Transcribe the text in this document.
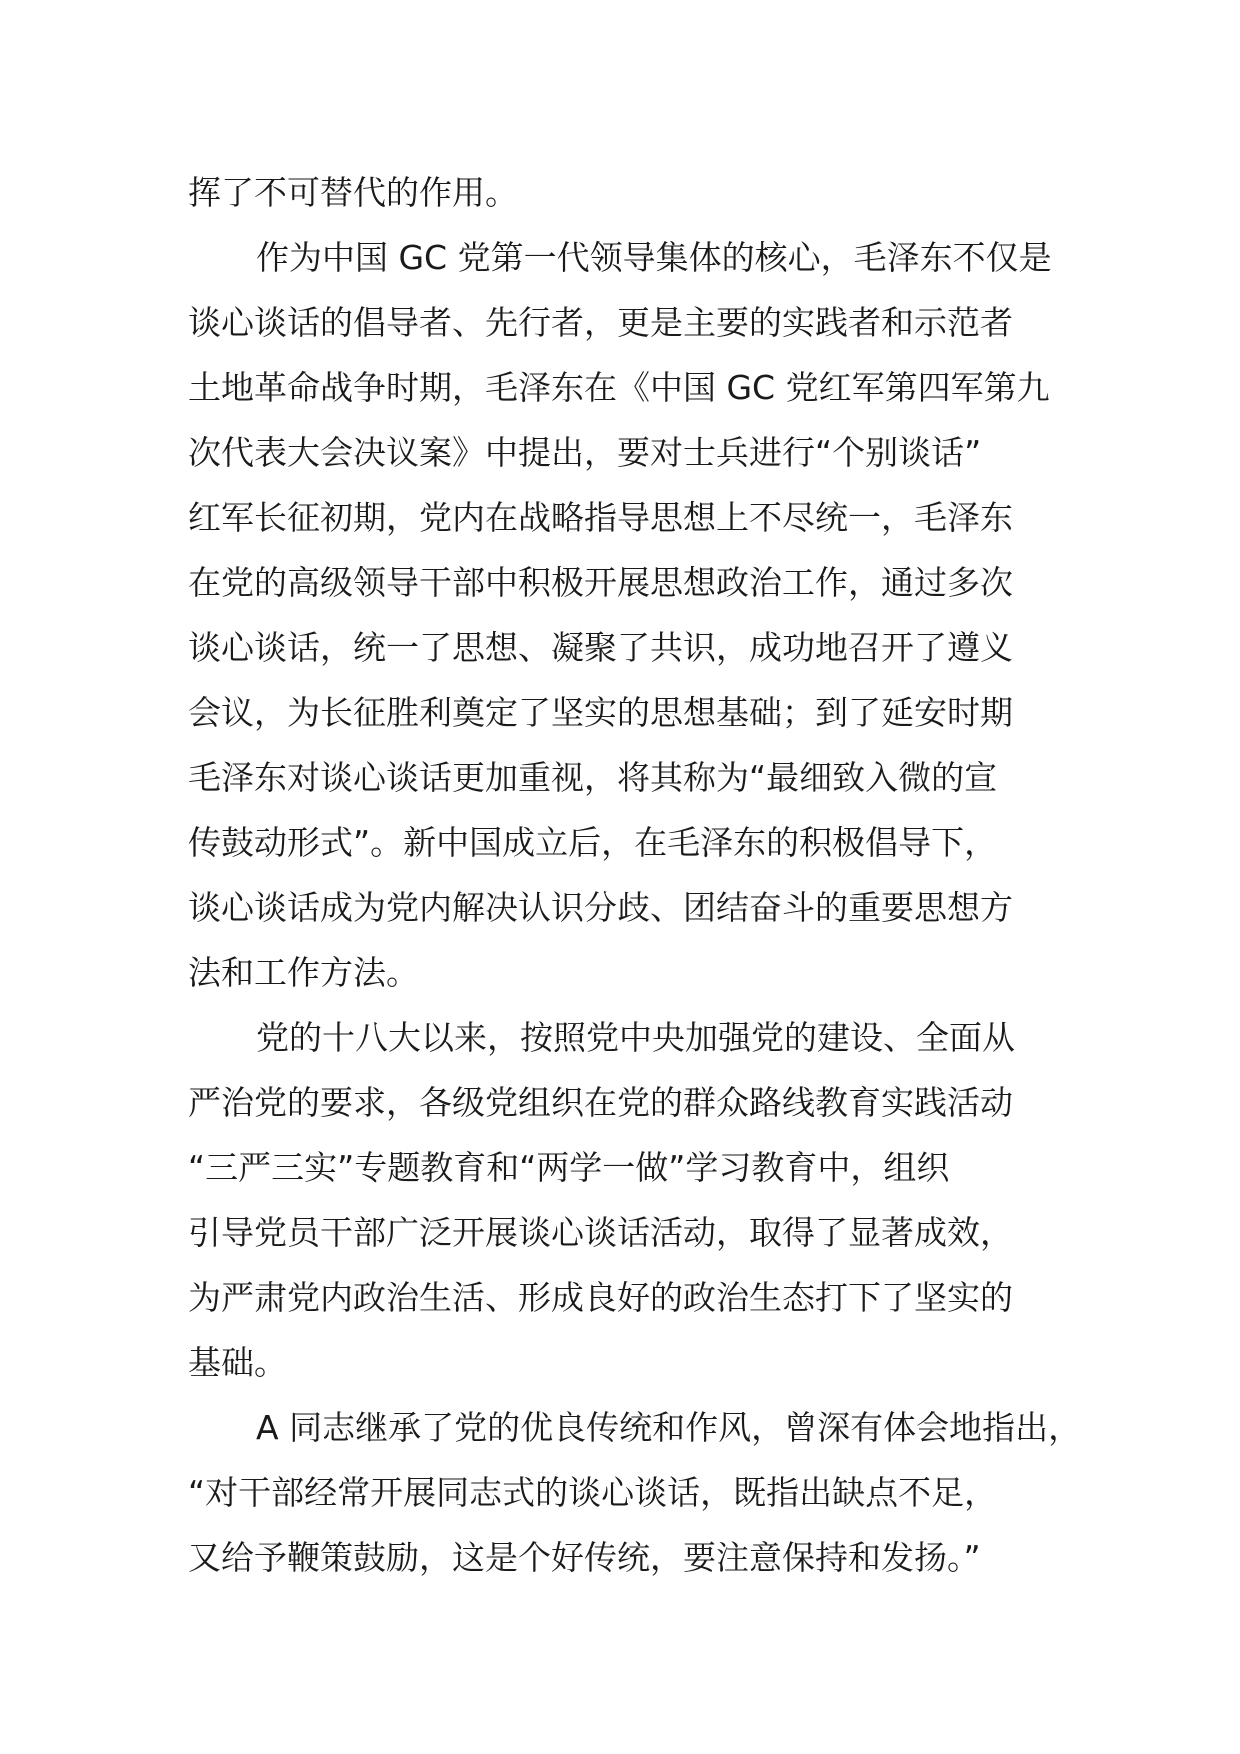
挥了不可替代的作用。
作为中国 GC 党第一代领导集体的核心，毛泽东不仅是
谈心谈话的倡导者、先行者，更是主要的实践者和示范者
土地革命战争时期，毛泽东在《中国 GC 党红军第四军第九
次代表大会决议案》中提出，要对士兵进行“个别谈话”
红军长征初期，党内在战略指导思想上不尽统一，毛泽东
在党的高级领导干部中积极开展思想政治工作，通过多次
谈心谈话，统一了思想、凝聚了共识，成功地召开了遵义
会议，为长征胜利奠定了坚实的思想基础；到了延安时期
毛泽东对谈心谈话更加重视，将其称为“最细致入微的宣
传鼓动形式”。新中国成立后，在毛泽东的积极倡导下，
谈心谈话成为党内解决认识分歧、团结奋斗的重要思想方
法和工作方法。
党的十八大以来，按照党中央加强党的建设、全面从
严治党的要求，各级党组织在党的群众路线教育实践活动
“三严三实”专题教育和“两学一做”学习教育中，组织
引导党员干部广泛开展谈心谈话活动，取得了显著成效，
为严肃党内政治生活、形成良好的政治生态打下了坚实的
基础。
A 同志继承了党的优良传统和作风，曾深有体会地指出，
“对干部经常开展同志式的谈心谈话，既指出缺点不足，
又给予鞭策鼓励，这是个好传统，要注意保持和发扬。”
